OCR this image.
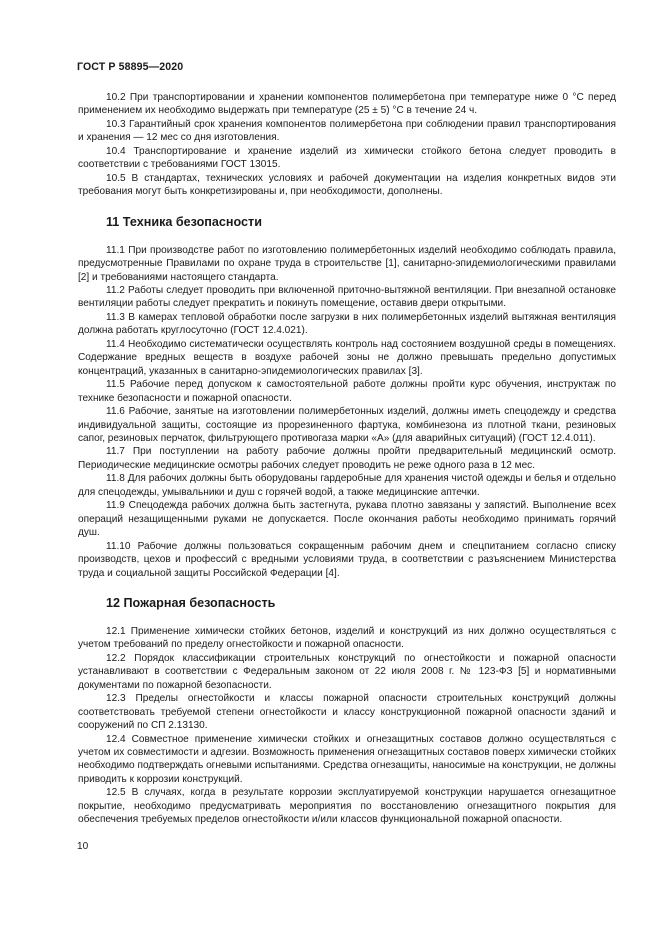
ГОСТ Р 58895—2020

10.2 При транспортировании и хранении компонентов полимербетона при температуре ниже 0 °С перед применением их необходимо выдержать при температуре (25 ± 5) °С в течение 24 ч.

10.3 Гарантийный срок хранения компонентов полимербетона при соблюдении правил транспортирования и хранения — 12 мес со дня изготовления.

10.4 Транспортирование и хранение изделий из химически стойкого бетона следует проводить в соответствии с требованиями ГОСТ 13015.

10.5 В стандартах, технических условиях и рабочей документации на изделия конкретных видов эти требования могут быть конкретизированы и, при необходимости, дополнены.

11 Техника безопасности

11.1 При производстве работ по изготовлению полимербетонных изделий необходимо соблюдать правила, предусмотренные Правилами по охране труда в строительстве [1], санитарно-эпидемиологическими правилами [2] и требованиями настоящего стандарта.

11.2 Работы следует проводить при включенной приточно-вытяжной вентиляции. При внезапной остановке вентиляции работы следует прекратить и покинуть помещение, оставив двери открытыми.

11.3 В камерах тепловой обработки после загрузки в них полимербетонных изделий вытяжная вентиляция должна работать круглосуточно (ГОСТ 12.4.021).

11.4 Необходимо систематически осуществлять контроль над состоянием воздушной среды в помещениях. Содержание вредных веществ в воздухе рабочей зоны не должно превышать предельно допустимых концентраций, указанных в санитарно-эпидемиологических правилах [3].

11.5 Рабочие перед допуском к самостоятельной работе должны пройти курс обучения, инструктаж по технике безопасности и пожарной опасности.

11.6 Рабочие, занятые на изготовлении полимербетонных изделий, должны иметь спецодежду и средства индивидуальной защиты, состоящие из прорезиненного фартука, комбинезона из плотной ткани, резиновых сапог, резиновых перчаток, фильтрующего противогаза марки «А» (для аварийных ситуаций) (ГОСТ 12.4.011).

11.7 При поступлении на работу рабочие должны пройти предварительный медицинский осмотр. Периодические медицинские осмотры рабочих следует проводить не реже одного раза в 12 мес.

11.8 Для рабочих должны быть оборудованы гардеробные для хранения чистой одежды и белья и отдельно для спецодежды, умывальники и душ с горячей водой, а также медицинские аптечки.

11.9 Спецодежда рабочих должна быть застегнута, рукава плотно завязаны у запястий. Выполнение всех операций незащищенными руками не допускается. После окончания работы необходимо принимать горячий душ.

11.10 Рабочие должны пользоваться сокращенным рабочим днем и спецпитанием согласно списку производств, цехов и профессий с вредными условиями труда, в соответствии с разъяснением Министерства труда и социальной защиты Российской Федерации [4].

12 Пожарная безопасность

12.1 Применение химически стойких бетонов, изделий и конструкций из них должно осуществляться с учетом требований по пределу огнестойкости и пожарной опасности.

12.2 Порядок классификации строительных конструкций по огнестойкости и пожарной опасности устанавливают в соответствии с Федеральным законом от 22 июля 2008 г. № 123-ФЗ [5] и нормативными документами по пожарной безопасности.

12.3 Пределы огнестойкости и классы пожарной опасности строительных конструкций должны соответствовать требуемой степени огнестойкости и классу конструкционной пожарной опасности зданий и сооружений по СП 2.13130.

12.4 Совместное применение химически стойких и огнезащитных составов должно осуществляться с учетом их совместимости и адгезии. Возможность применения огнезащитных составов поверх химически стойких необходимо подтверждать огневыми испытаниями. Средства огнезащиты, наносимые на конструкции, не должны приводить к коррозии конструкций.

12.5 В случаях, когда в результате коррозии эксплуатируемой конструкции нарушается огнезащитное покрытие, необходимо предусматривать мероприятия по восстановлению огнезащитного покрытия для обеспечения требуемых пределов огнестойкости и/или классов функциональной пожарной опасности.

10
